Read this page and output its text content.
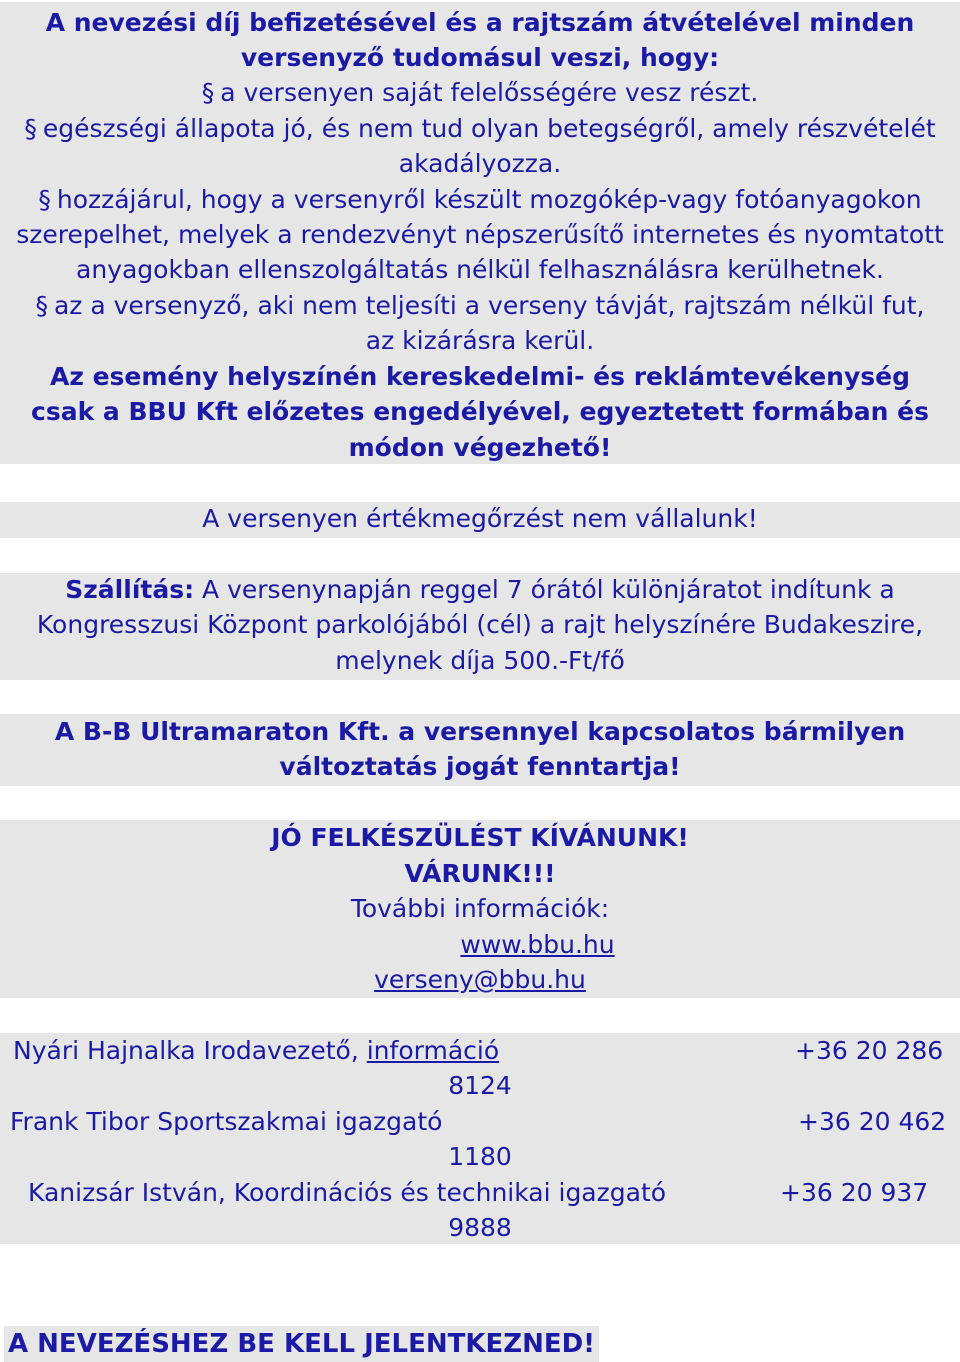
A nevezési díj befizetésével és a rajtszám átvételével minden
versenyző tudomásul veszi, hogy:
§ a versenyen saját felelősségére vesz részt.
§ egészségi állapota jó, és nem tud olyan betegségről, amely részvételét
akadályozza.
§ hozzájárul, hogy a versenyről készült mozgókép-vagy fotóanyagokon
szerepelhet, melyek a rendezvényt népszerűsítő internetes és nyomtatott
anyagokban ellenszolgáltatás nélkül felhasználásra kerülhetnek.
§ az a versenyző, aki nem teljesíti a verseny távját, rajtszám nélkül fut,
az kizárásra kerül.
Az esemény helyszínén kereskedelmi- és reklámtevékenység
csak a BBU Kft előzetes engedélyével, egyeztetett formában és
módon végezhető!
A versenyen értékmegőrzést nem vállalunk!
Szállítás: A versenynapján reggel 7 órától különjáratot indítunk a
Kongresszusi Központ parkolójából (cél) a rajt helyszínére Budakeszire,
melynek díja 500.-Ft/fő
A B-B Ultramaraton Kft. a versennyel kapcsolatos bármilyen
változtatás jogát fenntartja!
JÓ FELKÉSZÜLÉST KÍVÁNUNK!
VÁRUNK!!!
További információk:
www.bbu.hu
verseny@bbu.hu
Nyári Hajnalka Irodavezető, információ	+36 20 286
8124
Frank Tibor Sportszakmai igazgató	+36 20 462
1180
Kanizsár István, Koordinációs és technikai igazgató	+36 20 937
9888
A NEVEZÉSHEZ BE KELL JELENTKEZNED!
